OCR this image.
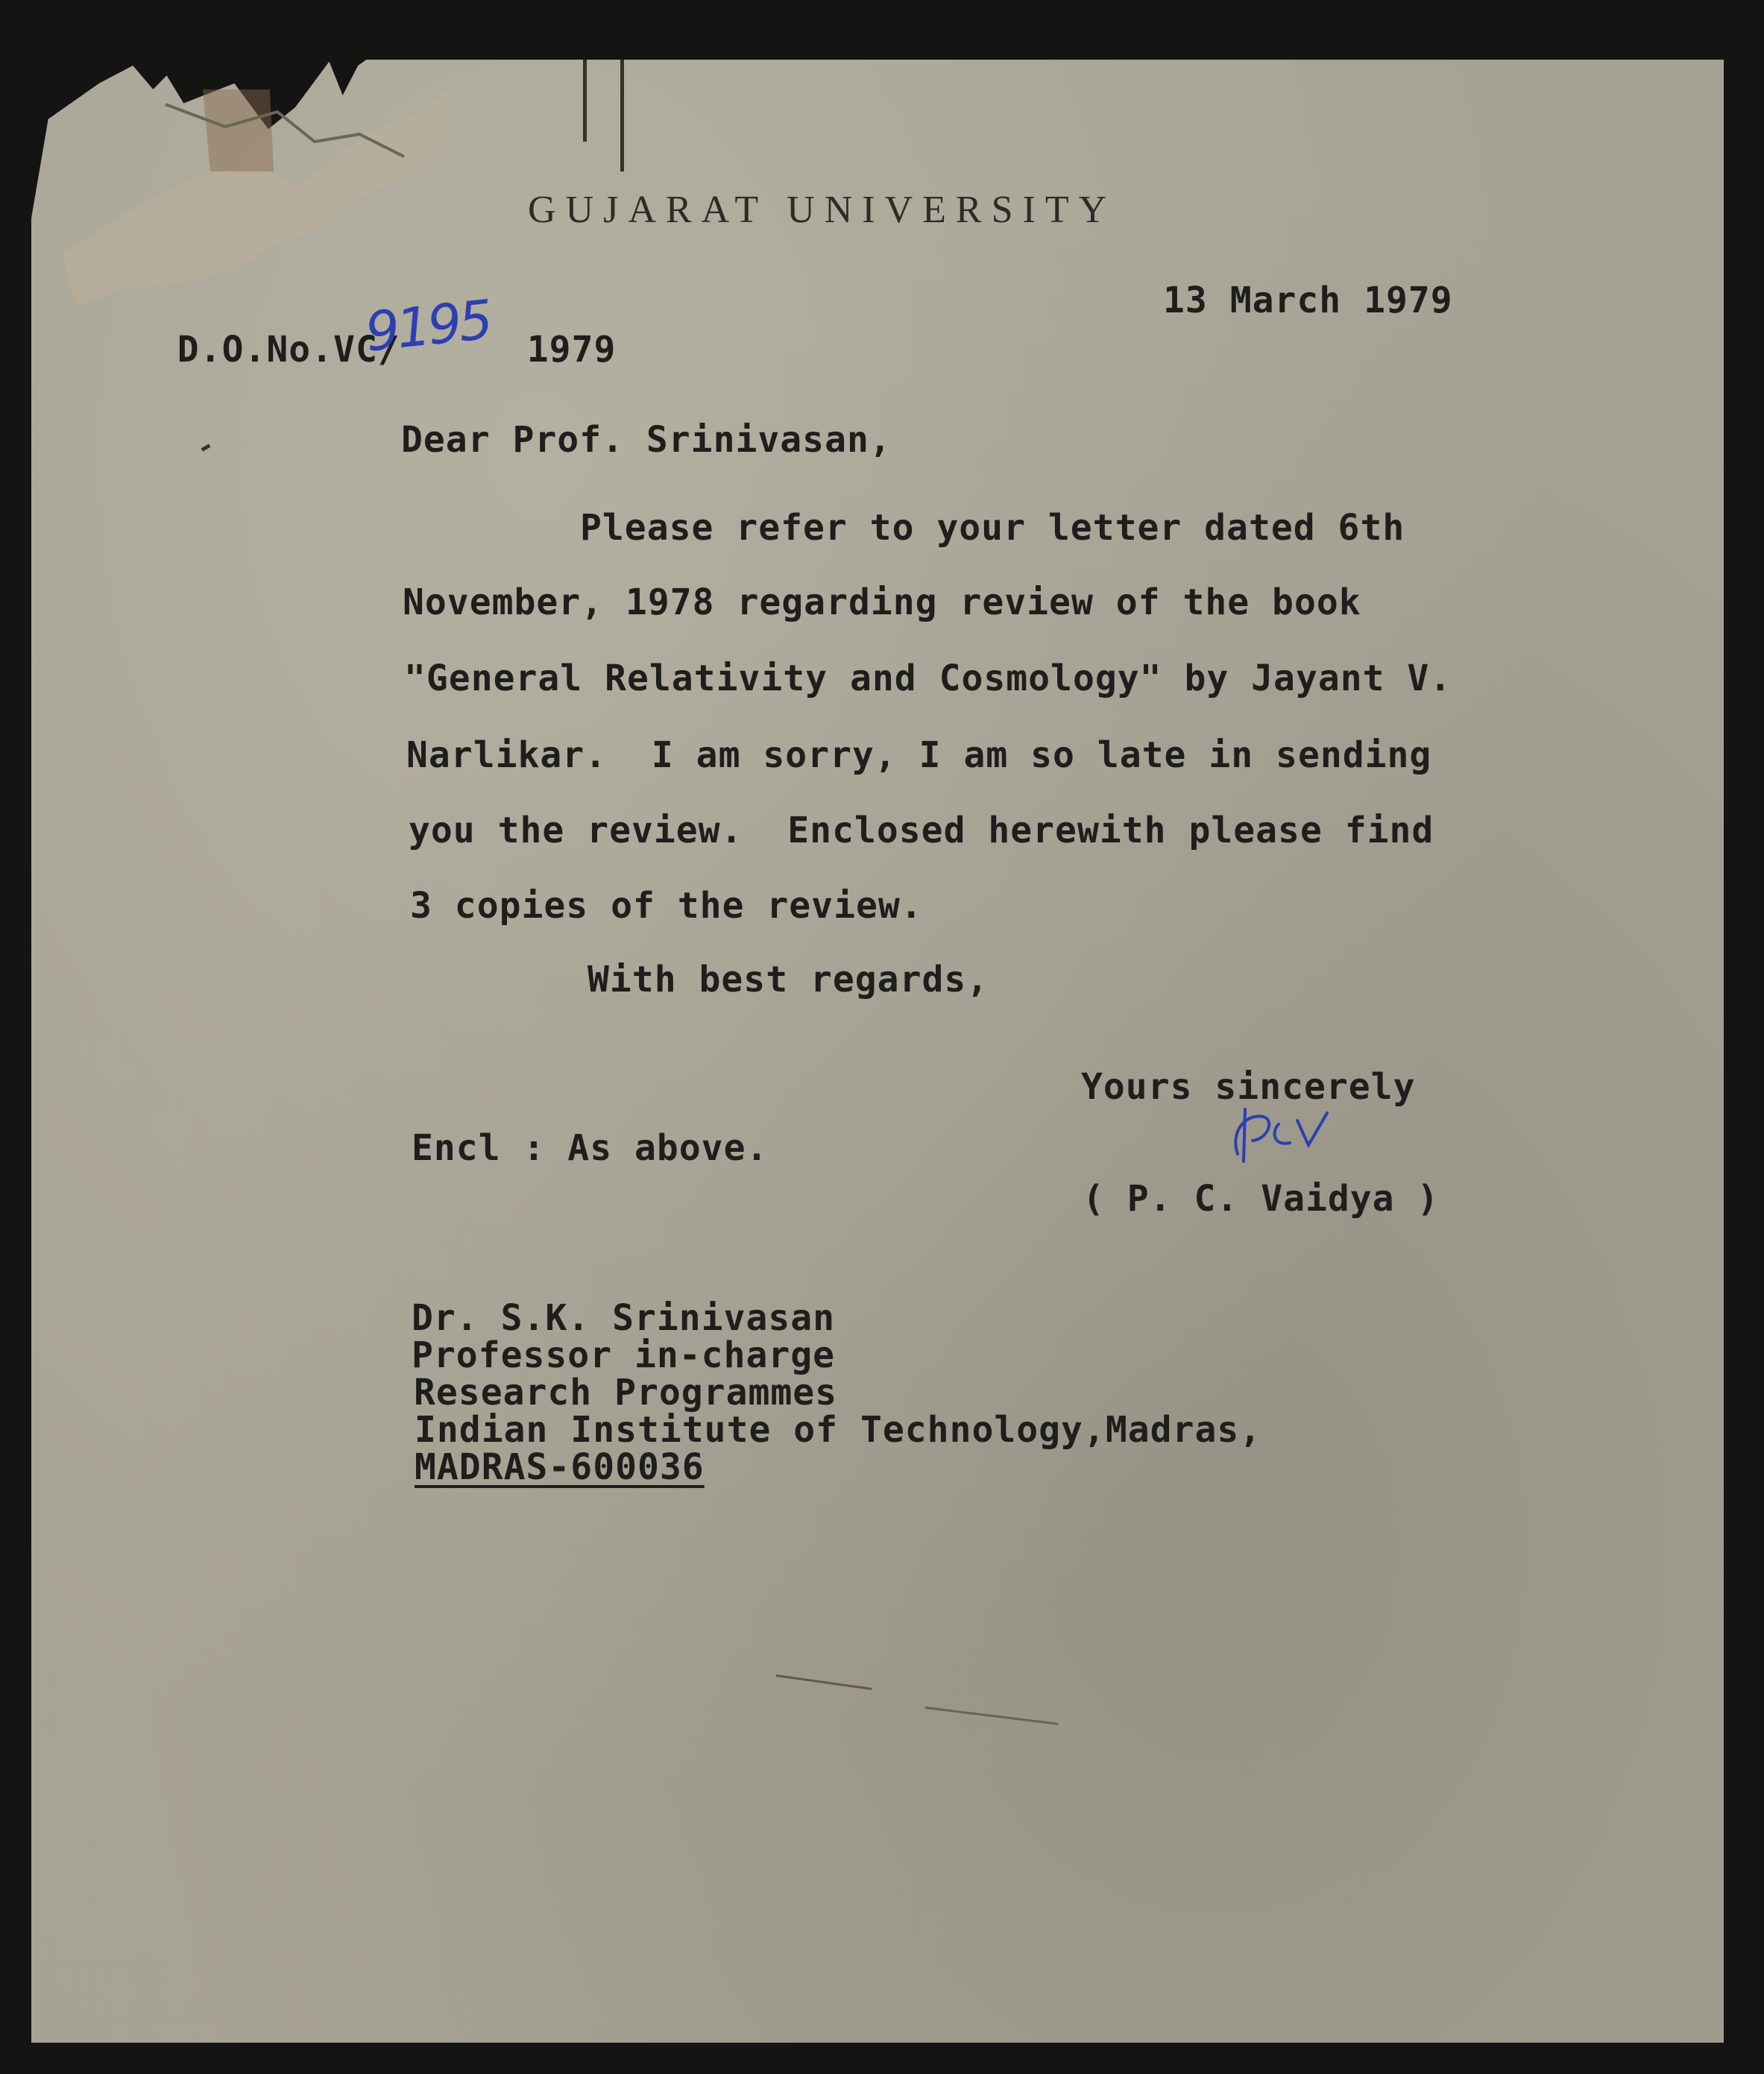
GUJARAT UNIVERSITY

D.O.No.VC/	1979

9195	13 March 1979
Dear Prof. Srinivasan,
Please refer to your letter dated 6th
November, 1978 regarding review of the book
"General Relativity and Cosmology" by Jayant V.
Narlikar.  I am sorry, I am so late in sending
you the review.  Enclosed herewith please find
3 copies of the review.
With best regards,
Yours sincerely
Encl : As above.
( P. C. Vaidya )
Dr. S.K. Srinivasan
Professor in-charge
Research Programmes
Indian Institute of Technology,Madras,
MADRAS-600036
